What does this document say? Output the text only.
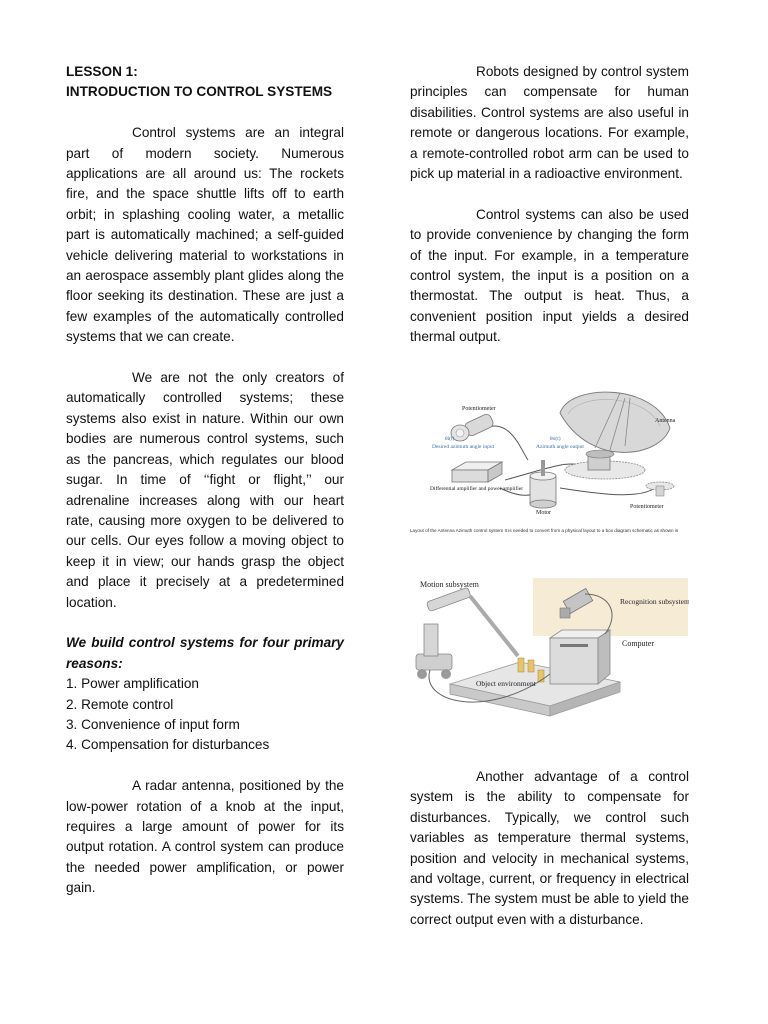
LESSON 1:

INTRODUCTION TO CONTROL SYSTEMS

Control systems are an integral part of modern society. Numerous applications are all around us: The rockets fire, and the space shuttle lifts off to earth orbit; in splashing cooling water, a metallic part is automatically machined; a self-guided vehicle delivering material to workstations in an aerospace assembly plant glides along the floor seeking its destination. These are just a few examples of the automatically controlled systems that we can create.

We are not the only creators of automatically controlled systems; these systems also exist in nature. Within our own bodies are numerous control systems, such as the pancreas, which regulates our blood sugar. In time of ‘‘fight or flight,’’ our adrenaline increases along with our heart rate, causing more oxygen to be delivered to our cells. Our eyes follow a moving object to keep it in view; our hands grasp the object and place it precisely at a predetermined location.

We build control systems for four primary reasons:

1. Power amplification
2. Remote control
3. Convenience of input form
4. Compensation for disturbances

A radar antenna, positioned by the low-power rotation of a knob at the input, requires a large amount of power for its output rotation. A control system can produce the needed power amplification, or power gain.

Robots designed by control system principles can compensate for human disabilities. Control systems are also useful in remote or dangerous locations. For example, a remote-controlled robot arm can be used to pick up material in a radioactive environment.

Control systems can also be used to provide convenience by changing the form of the input. For example, in a temperature control system, the input is a position on a thermostat. The output is heat. Thus, a convenient position input yields a desired thermal output.

Potentiometer
θi(t)
Desired azimuth angle input
θo(t)
Azimuth angle output
Antenna
Differential amplifier and power amplifier
Motor
Potentiometer
Layout of the Antenna Azimuth control system It is needed to convert from a physical layout to a box diagram schematic as shown in
Motion subsystem
Recognition subsystem
Computer
Object environment

Another advantage of a control system is the ability to compensate for disturbances. Typically, we control such variables as temperature thermal systems, position and velocity in mechanical systems, and voltage, current, or frequency in electrical systems. The system must be able to yield the correct output even with a disturbance.
